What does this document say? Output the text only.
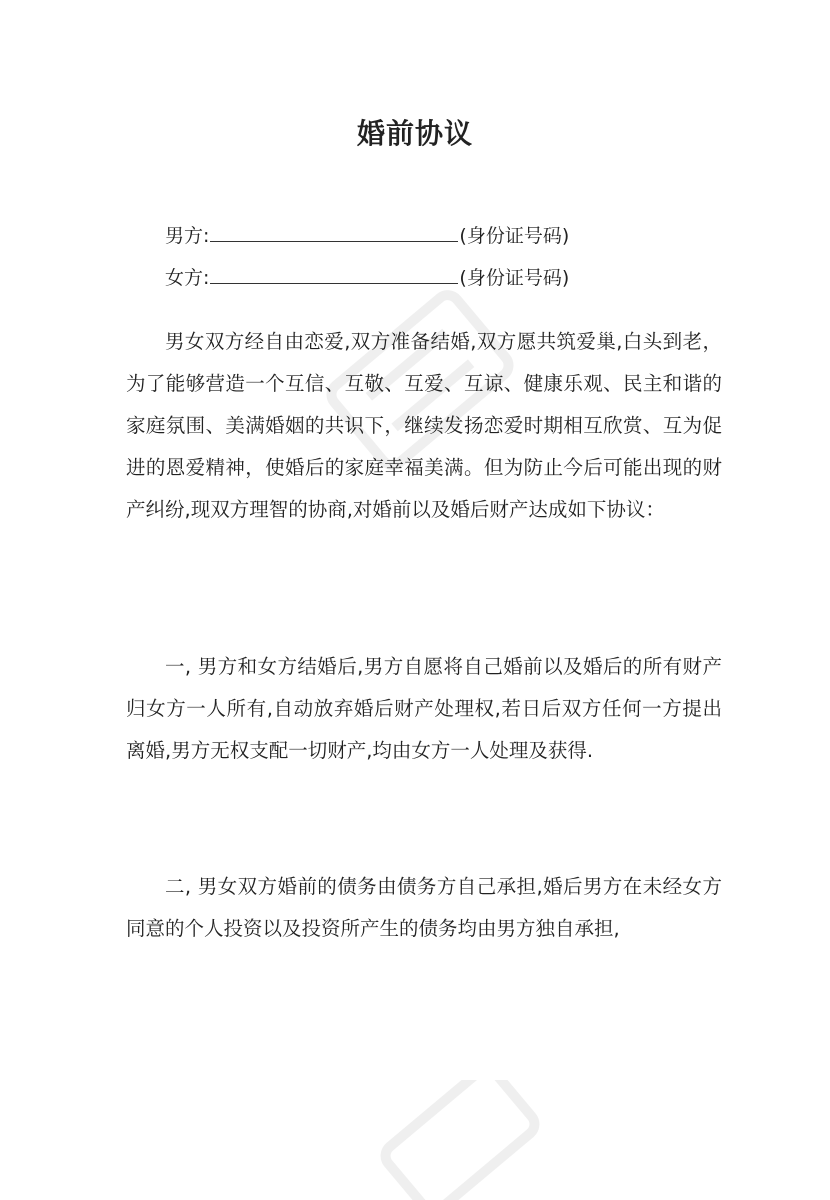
婚前协议
男方:	(身份证号码)
女方:	(身份证号码)

男女双方经自由恋爱,双方准备结婚,双方愿共筑爱巢,白头到老，为了能够营造一个互信、互敬、互爱、互谅、健康乐观、民主和谐的家庭氛围、美满婚姻的共识下，继续发扬恋爱时期相互欣赏、互为促进的恩爱精神，使婚后的家庭幸福美满。但为防止今后可能出现的财产纠纷,现双方理智的协商,对婚前以及婚后财产达成如下协议：

一, 男方和女方结婚后,男方自愿将自己婚前以及婚后的所有财产归女方一人所有,自动放弃婚后财产处理权,若日后双方任何一方提出离婚,男方无权支配一切财产,均由女方一人处理及获得.

二, 男女双方婚前的债务由债务方自己承担,婚后男方在未经女方同意的个人投资以及投资所产生的债务均由男方独自承担,
